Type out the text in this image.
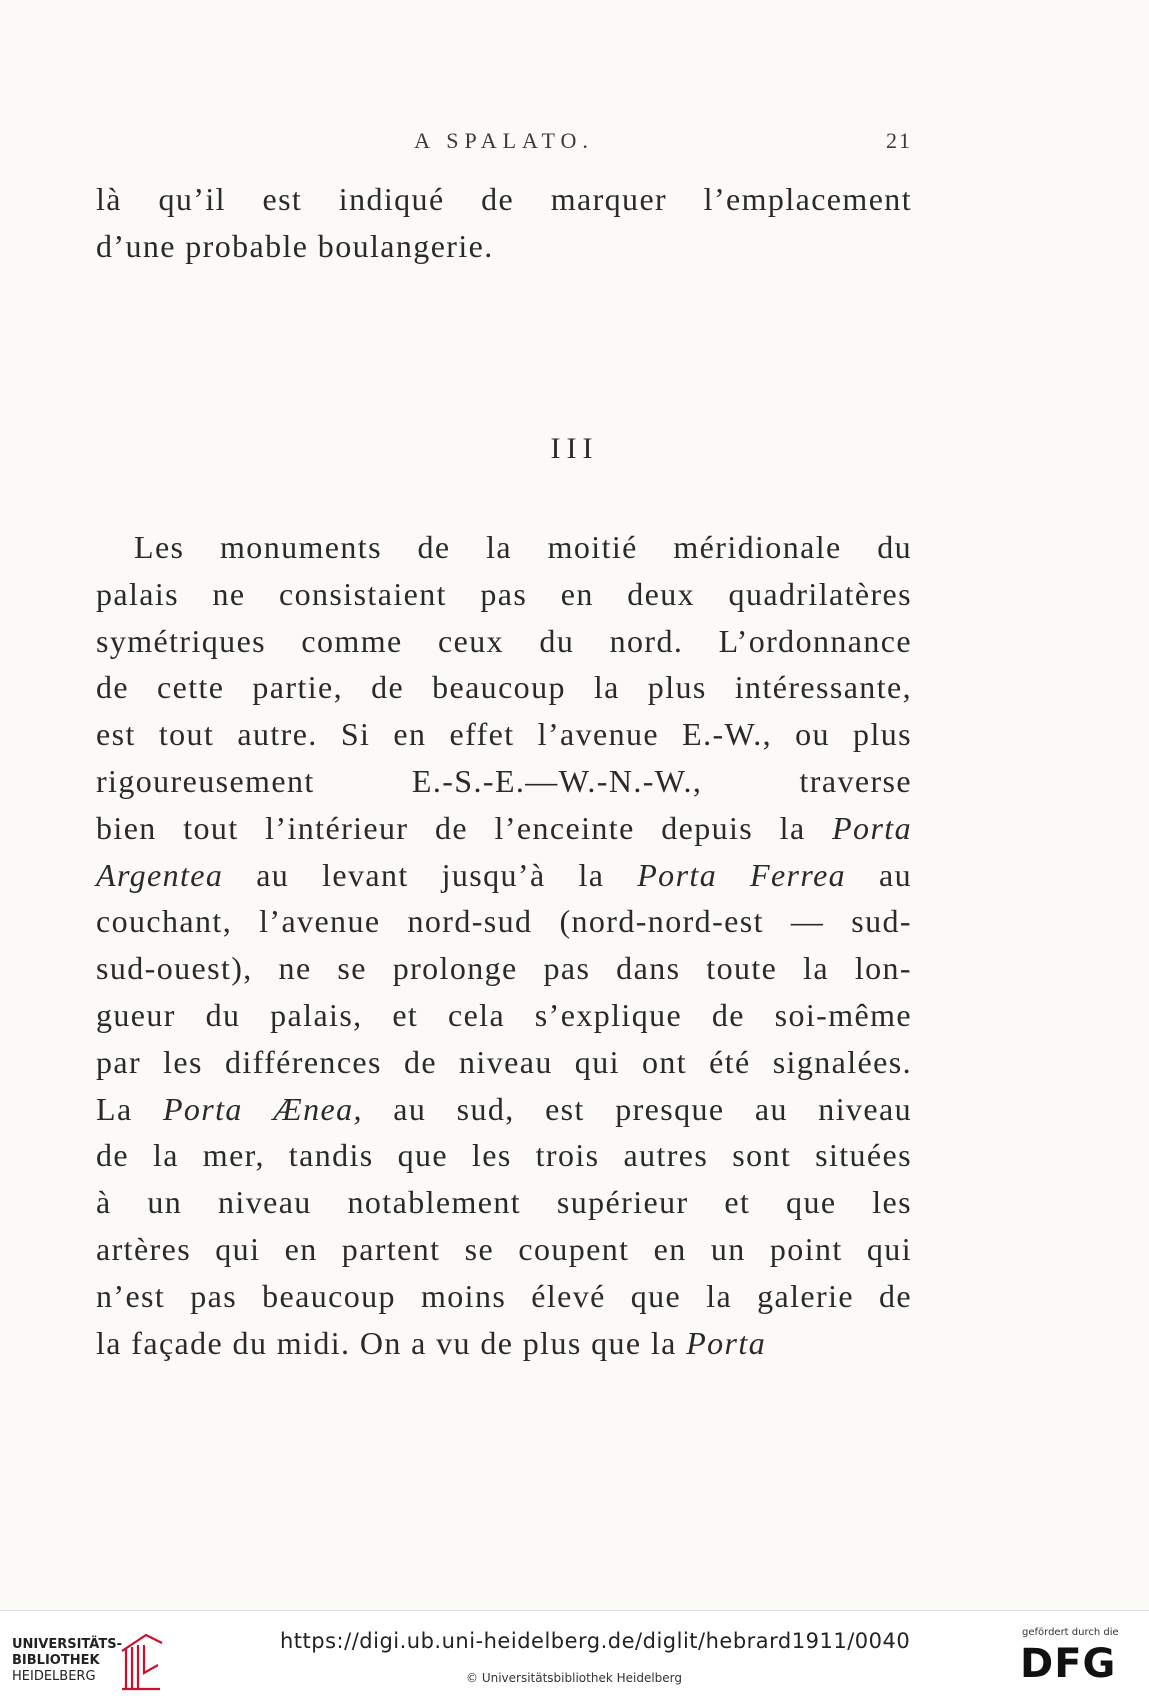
A SPALATO.	21
là qu’il est indiqué de marquer l’emplacement
d’une probable boulangerie.
III
Les monuments de la moitié méridionale du
palais ne consistaient pas en deux quadrilatères
symétriques comme ceux du nord. L’ordonnance
de cette partie, de beaucoup la plus intéressante,
est tout autre. Si en effet l’avenue E.-W., ou plus
rigoureusement E.-S.-E.—W.-N.-W., traverse
bien tout l’intérieur de l’enceinte depuis la Porta
Argentea au levant jusqu’à la Porta Ferrea au
couchant, l’avenue nord-sud (nord-nord-est — sud-
sud-ouest), ne se prolonge pas dans toute la lon-
gueur du palais, et cela s’explique de soi-même
par les différences de niveau qui ont été signalées.
La Porta Ænea, au sud, est presque au niveau
de la mer, tandis que les trois autres sont situées
à un niveau notablement supérieur et que les
artères qui en partent se coupent en un point qui
n’est pas beaucoup moins élevé que la galerie de
la façade du midi. On a vu de plus que la Porta
UNIVERSITÄTS-
BIBLIOTHEK
HEIDELBERG
https://digi.ub.uni-heidelberg.de/diglit/hebrard1911/0040
© Universitätsbibliothek Heidelberg
gefördert durch die
DFG
